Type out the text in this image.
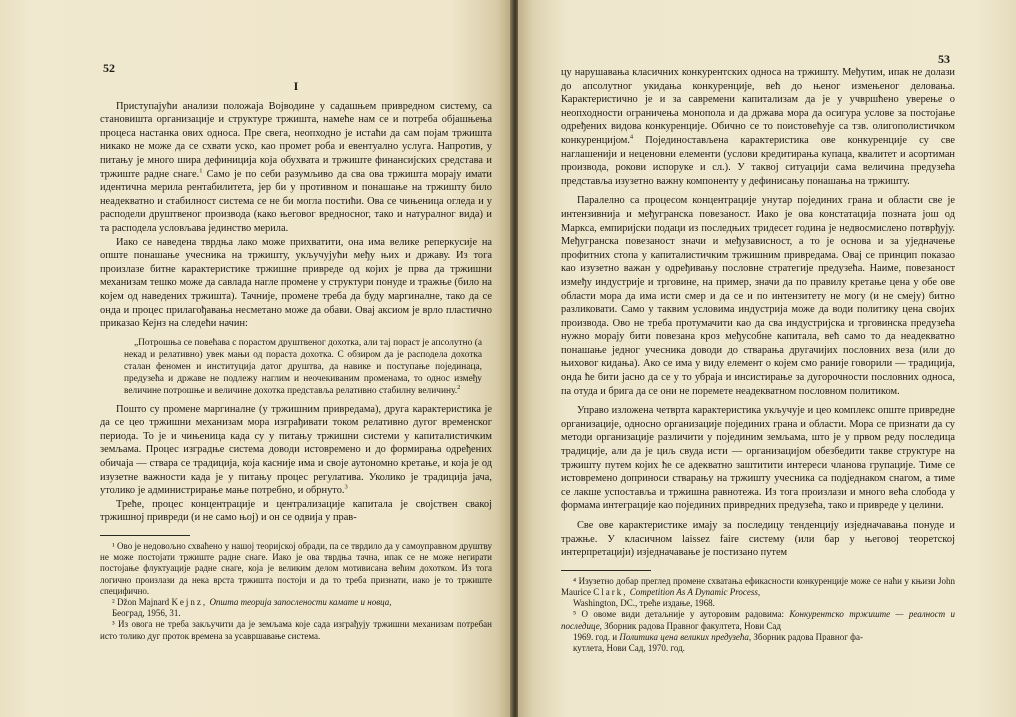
52
I

Приступајући анализи положаја Војводине у садашњем привредном систему, са становишта организације и структуре тржишта, намеће нам се и потреба објашњења процеса настанка ових односа. Пре свега, неопходно је истаћи да сам појам тржишта никако не може да се схвати уско, као промет роба и евентуално услуга. Напротив, у питању је много шира дефиниција која обухвата и тржиште финансијских средстава и тржиште радне снаге.$^1$ Само је по себи разумљиво да сва ова тржишта морају имати идентична мерила рентабилитета, јер би у противном и понашање на тржишту било неадекватно и стабилност система се не би могла постићи. Ова се чињеница огледа и у расподели друштвеног производа (како његовог вредносног, тако и натуралног вида) и та расподела условљава јединство мерила.

Иако се наведена тврдња лако може прихватити, она има велике реперкусије на опште понашање учесника на тржишту, укључујући међу њих и државу. Из тога произлазе битне карактеристике тржишне привреде од којих је прва да тржишни механизам тешко може да савлада нагле промене у структури понуде и тражње (било на којем од наведених тржишта). Тачније, промене треба да буду маргиналне, тако да се онда и процес прилагођавања несметано може да обави. Овај аксиом је врло пластично приказао Кејнз на следећи начин:

„Потрошња се повећава с порастом друштвеног дохотка, али тај пораст је апсолутно (а некад и релативно) увек мањи од пораста дохотка. С обзиром да је расподела дохотка сталан феномен и институција датог друштва, да навике и поступање појединаца, предузећа и државе не подлежу наглим и неочекиваним променама, то однос између величине потрошње и величине дохотка представља релативно стабилну величину.$^2$

Пошто су промене маргиналне (у тржишним привредама), друга карактеристика је да се цео тржишни механизам мора изграђивати током релативно дугог временског периода. То је и чињеница када су у питању тржишни системи у капиталистичким земљама. Процес изградње система доводи истовремено и до формирања одређених обичаја — ствара се традиција, која касније има и своје аутономно кретање, и која је од изузетне важности када је у питању процес регулатива. Уколико је традиција јача, утолико је администрирање мање потребно, и обрнуто.$^3$

Треће, процес концентрације и централизације капитала је својствен свакој тржишној привреди (и не само њој) и он се одвија у прав-

¹ Ово је недовољно схваћено у нашој теоријској обради, па се тврдило да у самоуправном друштву не може постојати тржиште радне снаге. Иако је ова тврдња тачна, ипак се не може негирати постојање флуктуације радне снаге, која је великим делом мотивисана већим дохотком. Из тога логично произлази да нека врста тржишта постоји и да то треба признати, иако је то тржиште специфично.

² Džon Majnard Kejnz, Општа теорија запослености камате и новца,

Београд, 1956, 31.

³ Из овога не треба закључити да је земљама које сада изграђују тржишни механизам потребан исто толико дуг проток времена за усавршавање система.

53

цу нарушавања класичних конкурентских односа на тржишту. Међутим, ипак не долази до апсолутног укидања конкуренције, већ до њеног измењеног деловања. Карактеристично је и за савремени капитализам да је у учвршћено уверење о неопходности ограничења монопола и да држава мора да осигура услове за постојање одређених видова конкуренције. Обично се то поистовећује са тзв. олигополистичком конкуренцијом.$^4$ Појединостављена карактеристика ове конкуренције су све наглашенији и неценовни елементи (услови кредитирања купаца, квалитет и асортиман производа, рокови испоруке и сл.). У таквој ситуацији сама величина предузећа представља изузетно важну компоненту у дефинисању понашања на тржишту.

Паралелно са процесом концентрације унутар појединих грана и области све је интензивнија и међугранска повезаност. Иако је ова констатација позната још од Маркса, емпиријски подаци из последњих тридесет година је недвосмислено потврђују. Међугранска повезаност значи и међузависност, а то је основа и за уједначење профитних стопа у капиталистичким тржишним привредама. Овај се принцип показао као изузетно важан у одређивању пословне стратегије предузећа. Наиме, повезаност између индустрије и трговине, на пример, значи да по правилу кретање цена у обе ове области мора да има исти смер и да се и по интензитету не могу (и не смеју) битно разликовати. Само у таквим условима индустрија може да води политику цена својих производа. Ово не треба протумачити као да сва индустријска и трговинска предузећа нужно морају бити повезана кроз међусобне капитала, већ само то да неадекватно понашање једног учесника доводи до стварања другачијих пословних веза (или до њиховог кидања). Ако се има у виду елемент о којем смо раније говорили — традиција, онда ће бити јасно да се у то убраја и инсистирање за дугорочности пословних односа, па отуда и брига да се они не поремете неадекватном пословном политиком.

Управо изложена четврта карактеристика укључује и цео комплекс опште привредне организације, односно организације појединих грана и области. Мора се признати да су методи организације различити у појединим земљама, што је у првом реду последица традиције, али да је циљ свуда исти — организацијом обезбедити такве структуре на тржишту путем којих ће се адекватно заштитити интереси чланова групације. Тиме се истовремено доприноси стварању на тржишту учесника са подједнаком снагом, а тиме се лакше успоставља и тржишна равнотежа. Из тога произлази и много већа слобода у формама интеграције као појединих привредних предузећа, тако и привреде у целини.

Све ове карактеристике имају за последицу тенденцију изједначавања понуде и тражње. У класичном laissez faire систему (или бар у његовој теоретској интерпретацији) изједначавање је постизано путем

⁴ Изузетно добар преглед промене схватања ефикасности конкуренције може се наћи у књизи John Maurice Clark, Competition As A Dynamic Process,

Washington, DC., треће издање, 1968.

⁵ О овоме види детаљније у ауторовим радовима: Конкурентско тржиште — реалност и последице, Зборник радова Правног факултета, Нови Сад

1969. год. и Политика цена великих предузећа, Зборник радова Правног фа-

кутлета, Нови Сад, 1970. год.
